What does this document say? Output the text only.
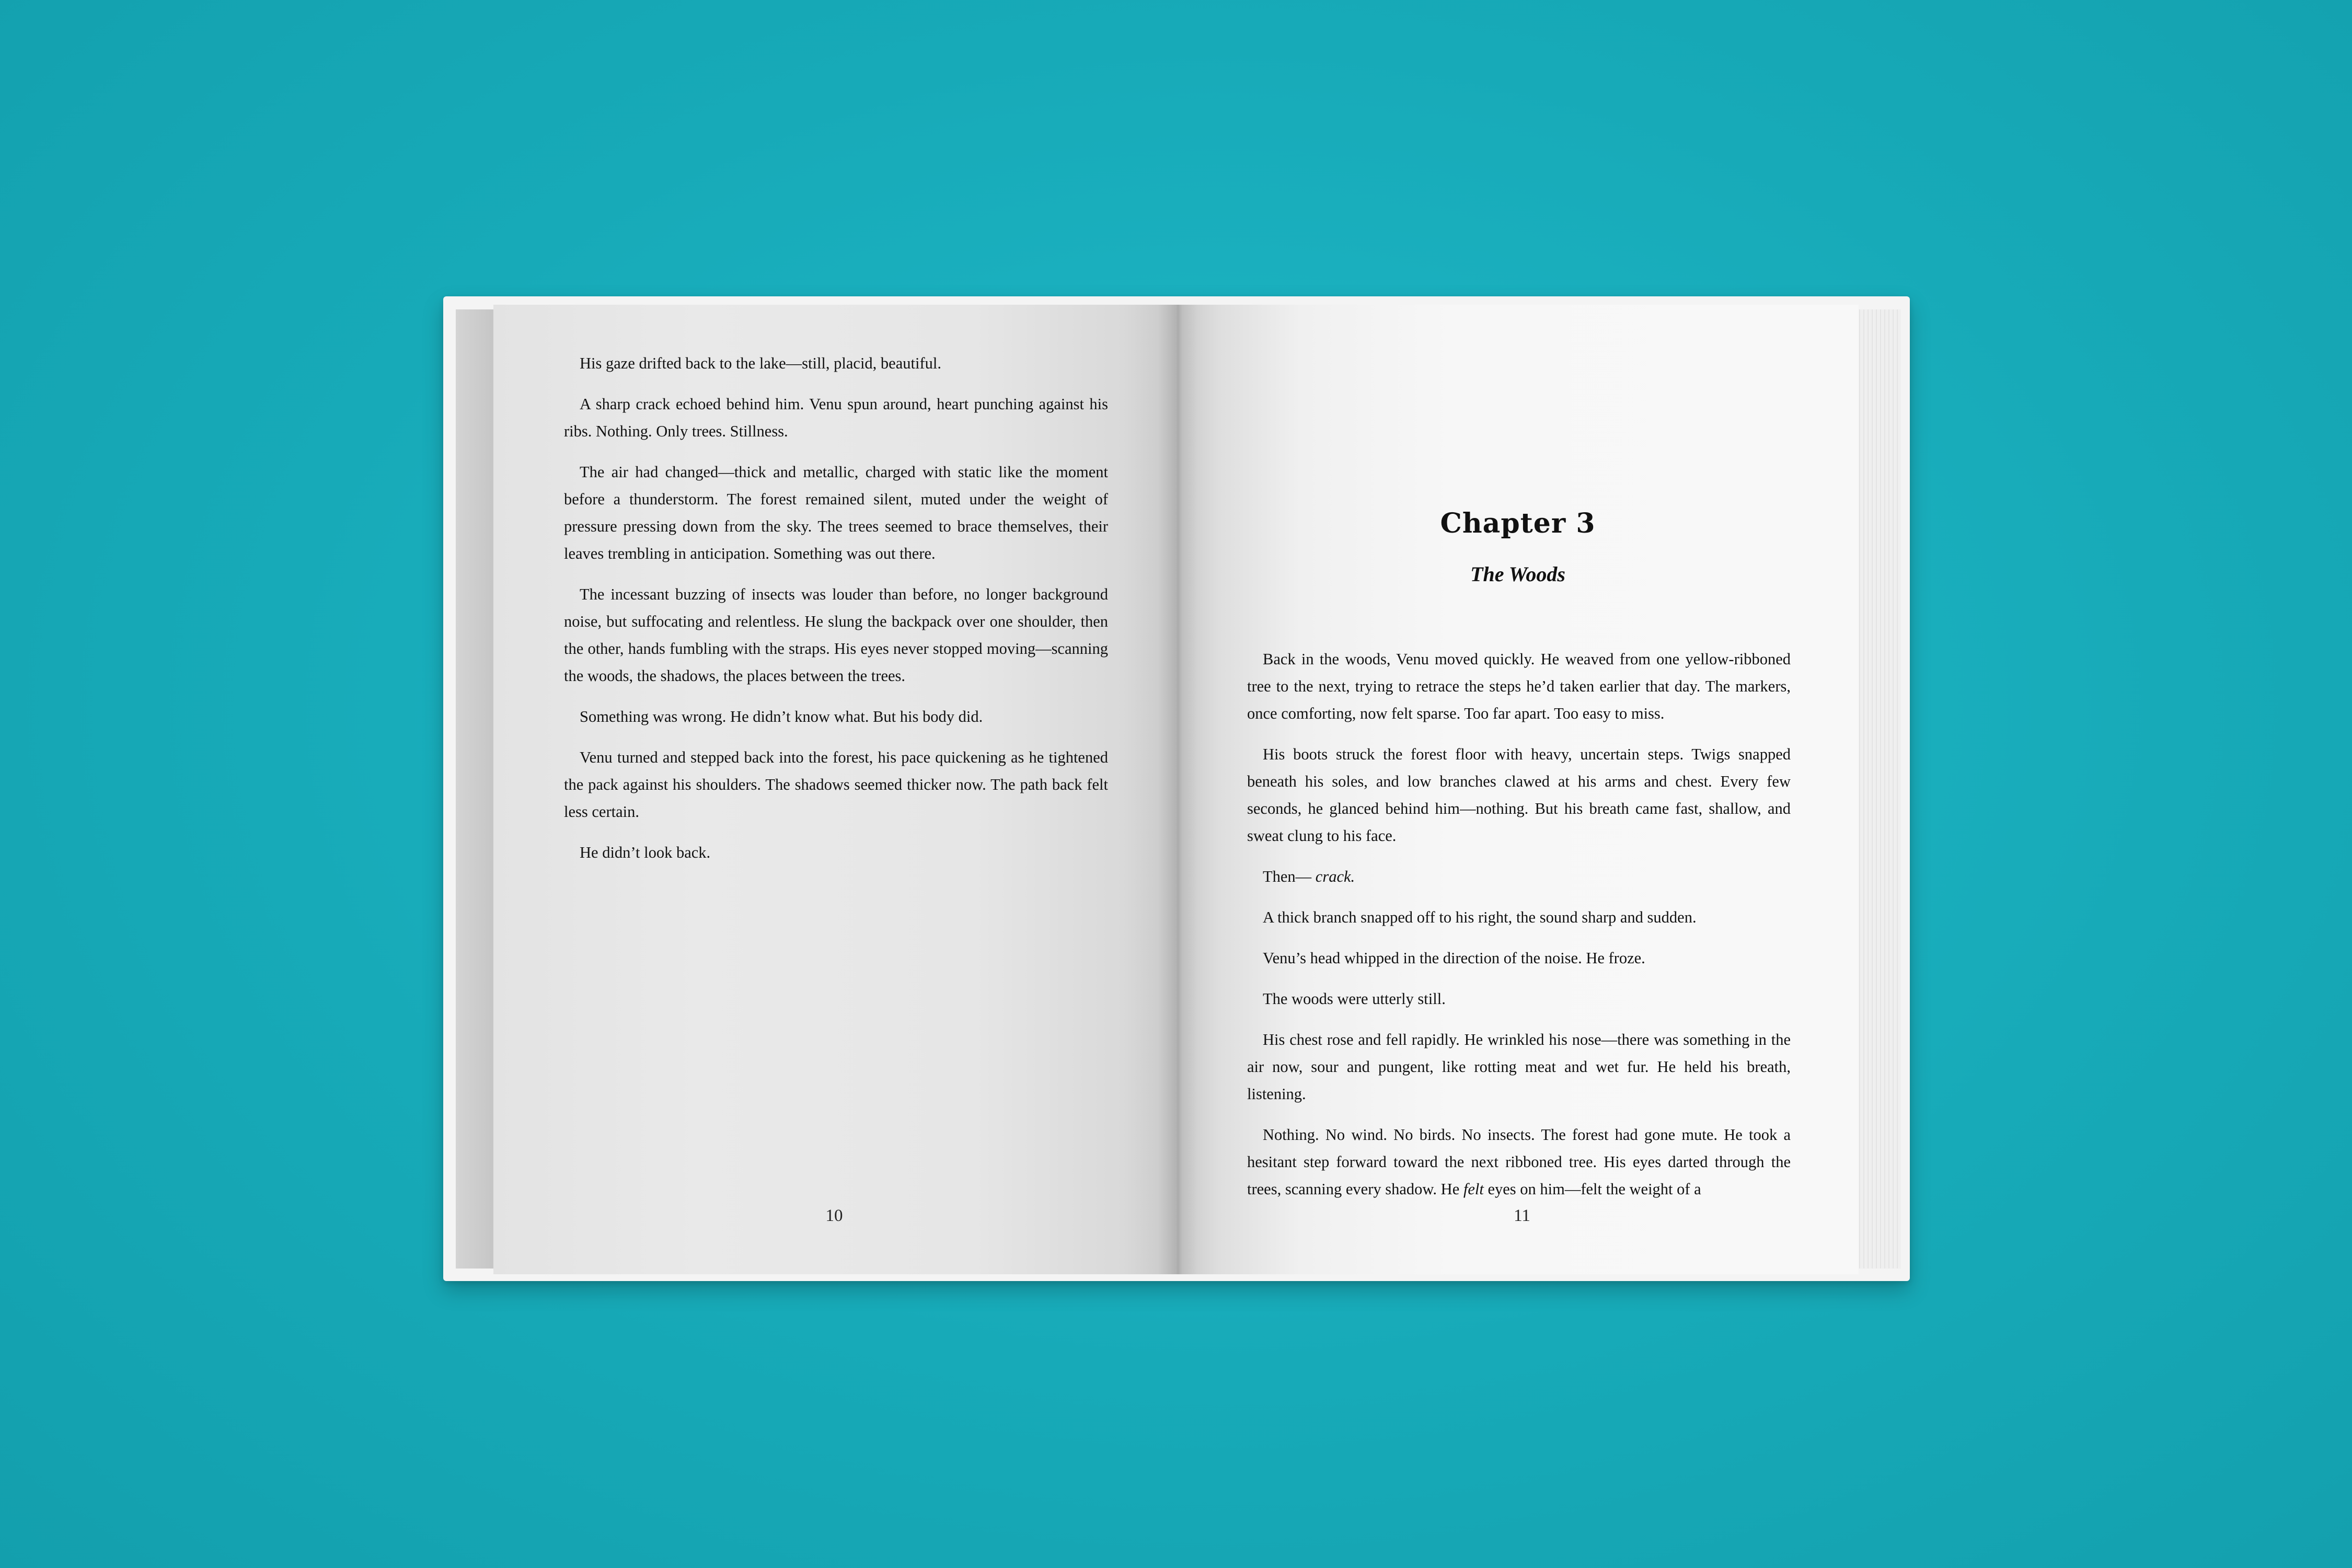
His gaze drifted back to the lake—still, placid, beautiful.

A sharp crack echoed behind him. Venu spun around, heart punching against his ribs. Nothing. Only trees. Stillness.

The air had changed—thick and metallic, charged with static like the moment before a thunderstorm. The forest remained silent, muted under the weight of pressure pressing down from the sky. The trees seemed to brace themselves, their leaves trembling in anticipation. Something was out there.

The incessant buzzing of insects was louder than before, no longer background noise, but suffocating and relentless. He slung the backpack over one shoulder, then the other, hands fumbling with the straps. His eyes never stopped moving—scanning the woods, the shadows, the places between the trees.

Something was wrong. He didn’t know what. But his body did.

Venu turned and stepped back into the forest, his pace quickening as he tightened the pack against his shoulders. The shadows seemed thicker now. The path back felt less certain.

He didn’t look back.

10
Chapter 3
The Woods

Back in the woods, Venu moved quickly. He weaved from one yellow-ribboned tree to the next, trying to retrace the steps he’d taken earlier that day. The markers, once comforting, now felt sparse. Too far apart. Too easy to miss.

His boots struck the forest floor with heavy, uncertain steps. Twigs snapped beneath his soles, and low branches clawed at his arms and chest. Every few seconds, he glanced behind him—nothing. But his breath came fast, shallow, and sweat clung to his face.

Then— crack.

A thick branch snapped off to his right, the sound sharp and sudden.

Venu’s head whipped in the direction of the noise. He froze.

The woods were utterly still.

His chest rose and fell rapidly. He wrinkled his nose—there was something in the air now, sour and pungent, like rotting meat and wet fur. He held his breath, listening.

Nothing. No wind. No birds. No insects. The forest had gone mute. He took a hesitant step forward toward the next ribboned tree. His eyes darted through the trees, scanning every shadow. He felt eyes on him—felt the weight of a

11
